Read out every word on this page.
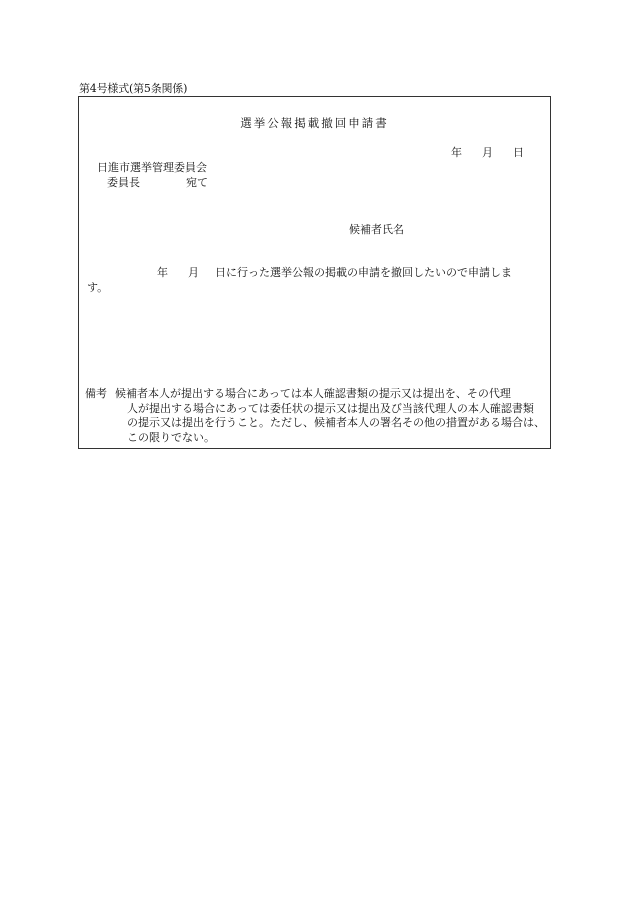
第4号様式(第5条関係)
選挙公報掲載撤回申請書
年 月 日
日進市選挙管理委員会
委員長	宛て
候補者氏名
年 月 日に行った選挙公報の掲載の申請を撤回したいので申請しま
す。
備考 候補者本人が提出する場合にあっては本人確認書類の提示又は提出を、その代理
人が提出する場合にあっては委任状の提示又は提出及び当該代理人の本人確認書類
の提示又は提出を行うこと。ただし、候補者本人の署名その他の措置がある場合は、
この限りでない。
